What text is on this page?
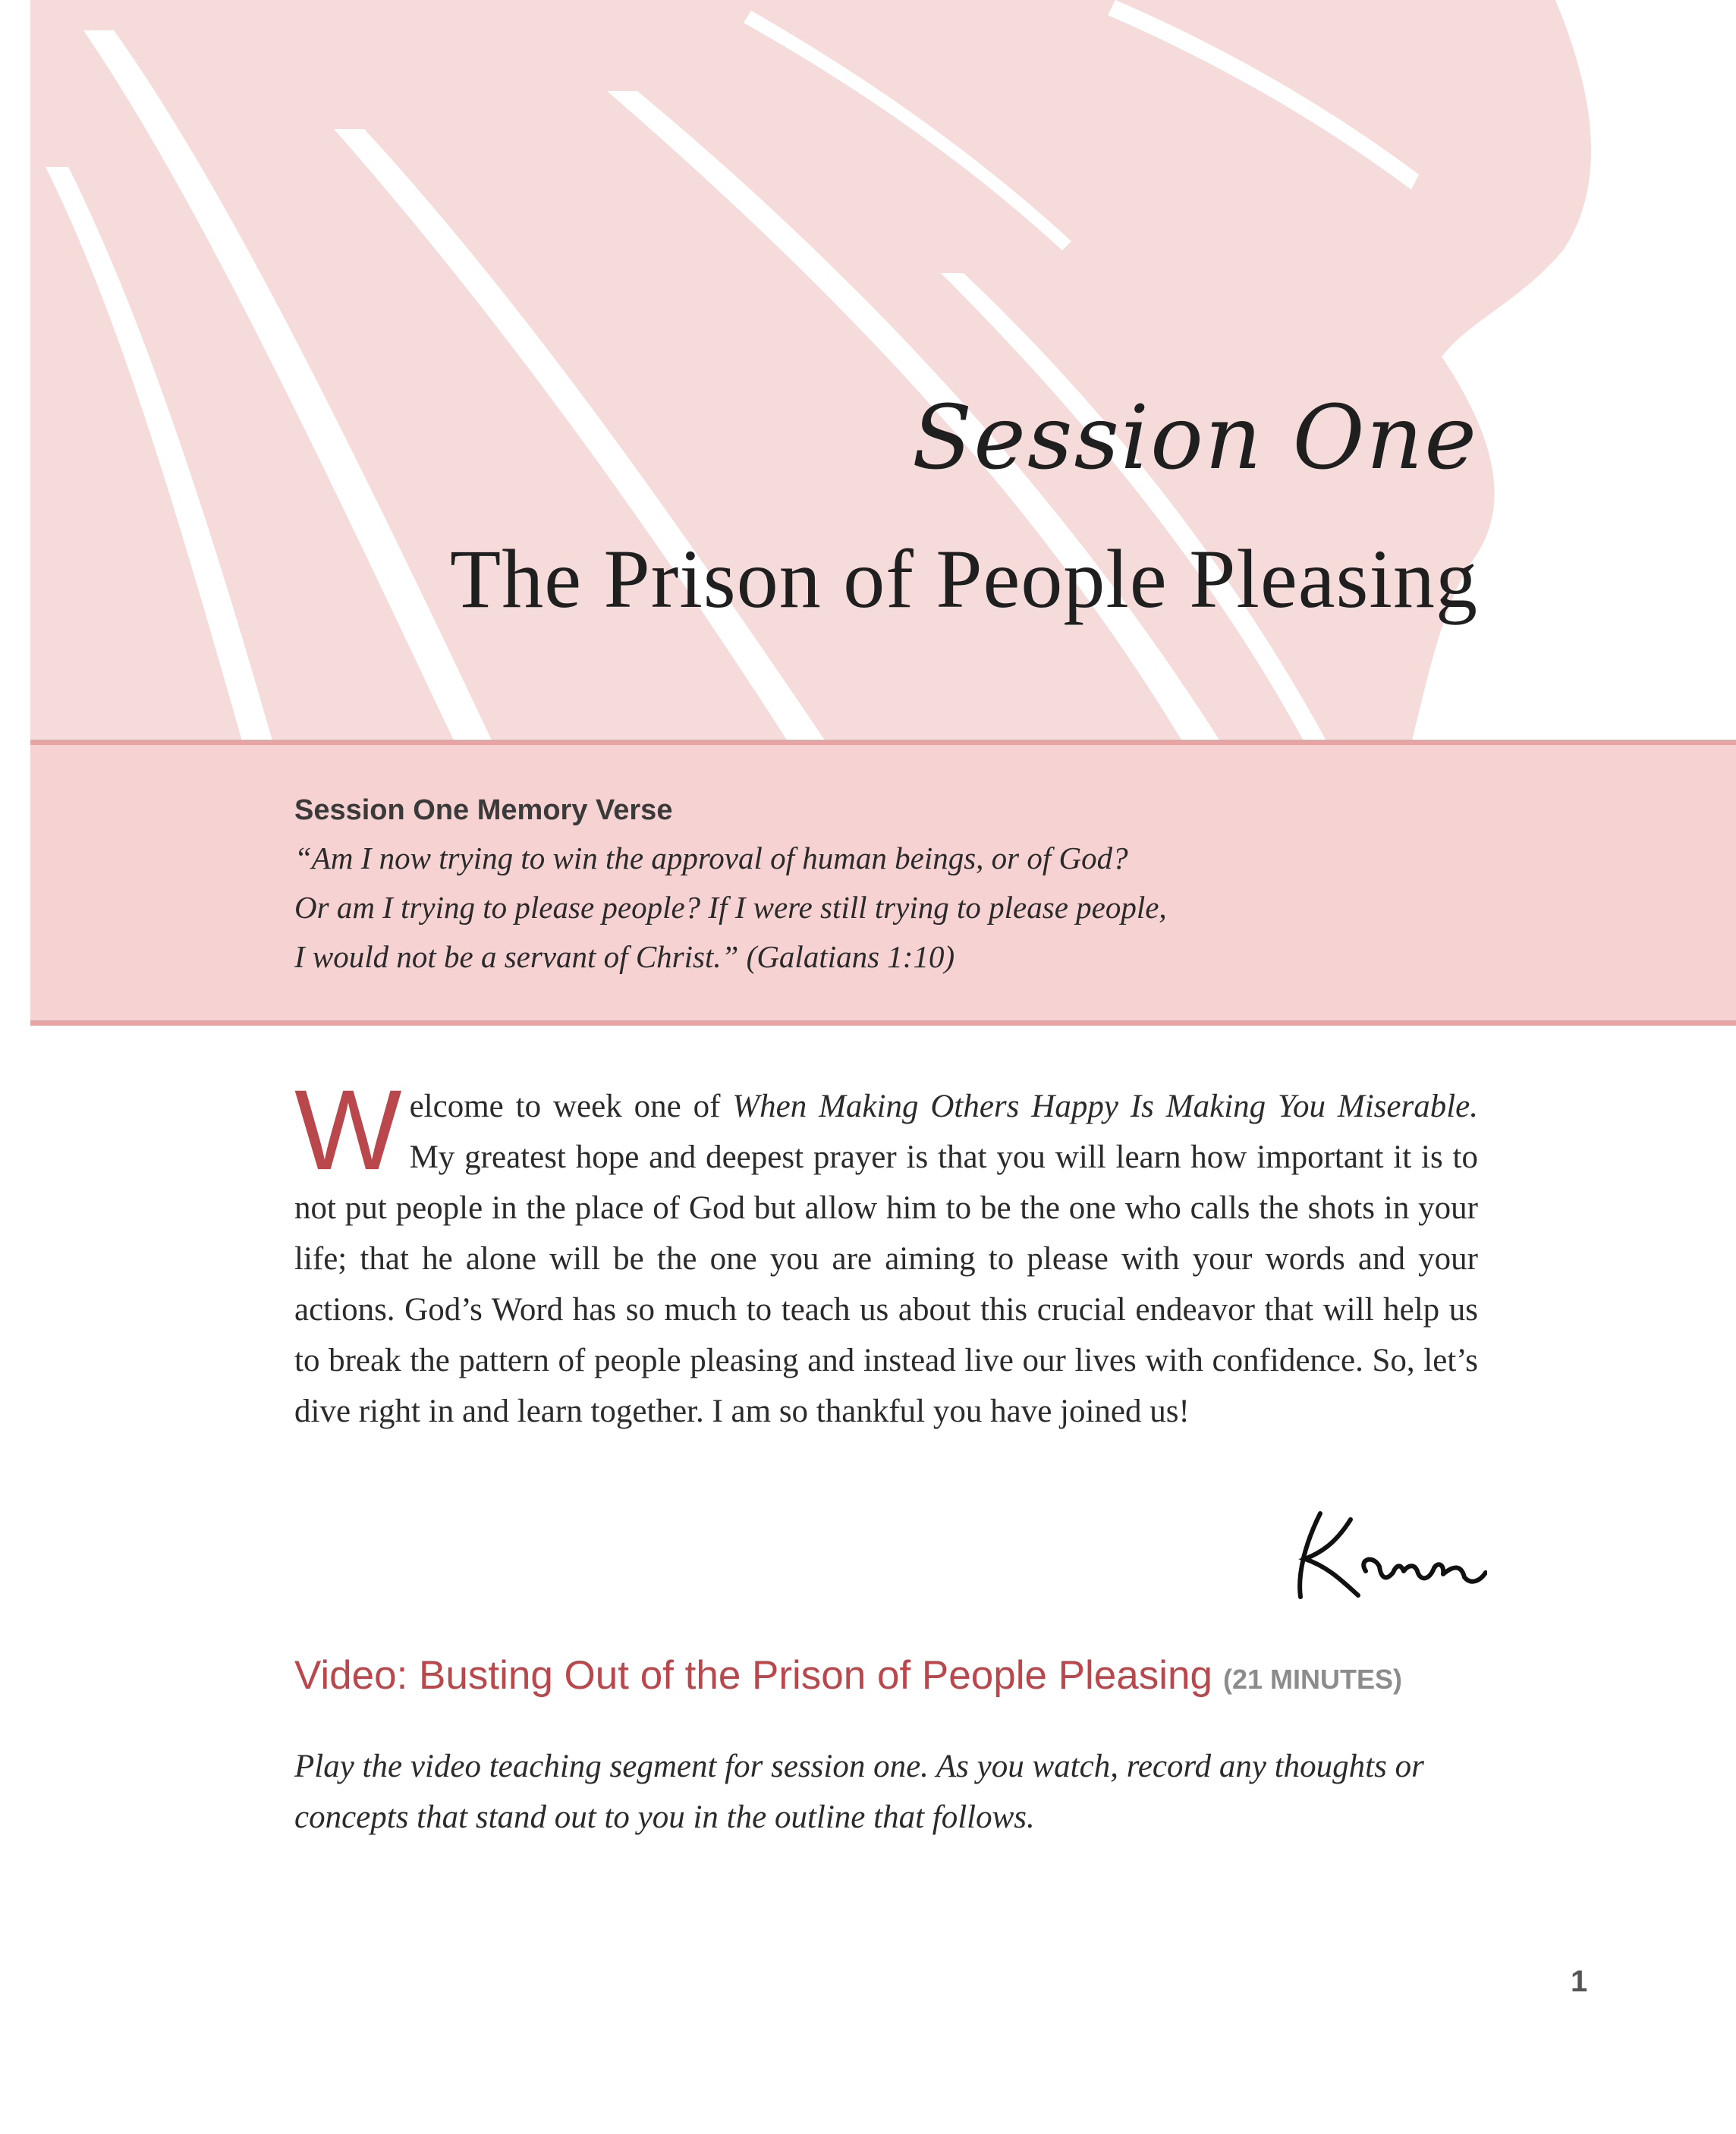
Session One
The Prison of People Pleasing
Session One Memory Verse
“Am I now trying to win the approval of human beings, or of God?
Or am I trying to please people? If I were still trying to please people,
I would not be a servant of Christ.” (Galatians 1:10)
Welcome to week one of When Making Others Happy Is Making You Miserable. My greatest hope and deepest prayer is that you will learn how important it is to not put people in the place of God but allow him to be the one who calls the shots in your life; that he alone will be the one you are aiming to please with your words and your actions. God’s Word has so much to teach us about this crucial endeavor that will help us to break the pattern of people pleasing and instead live our lives with confidence. So, let’s dive right in and learn together. I am so thankful you have joined us!
Video: Busting Out of the Prison of People Pleasing (21 MINUTES)
Play the video teaching segment for session one. As you watch, record any thoughts or concepts that stand out to you in the outline that follows.
1
